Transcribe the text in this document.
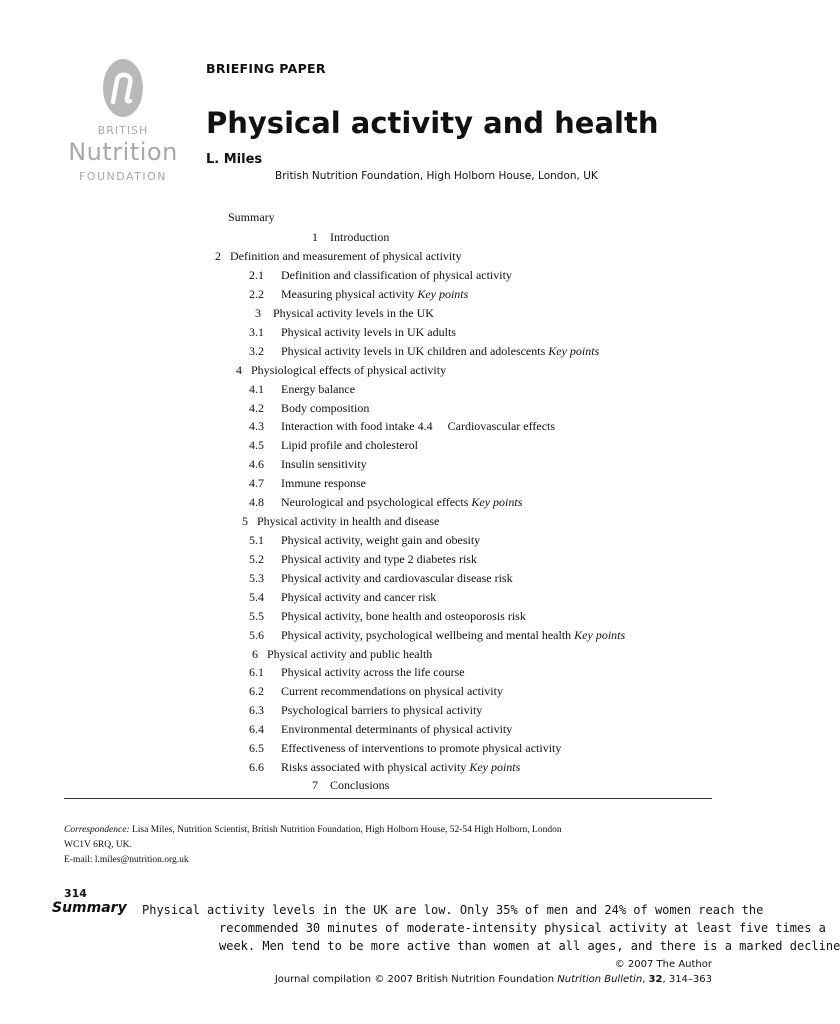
BRITISH
Nutrition
FOUNDATION
BRIEFING PAPER
Physical activity and health
L. Miles
British Nutrition Foundation, High Holborn House, London, UK
Summary
1 Introduction
2 Definition and measurement of physical activity
2.1 Definition and classification of physical activity
2.2 Measuring physical activity Key points
3 Physical activity levels in the UK
3.1 Physical activity levels in UK adults
3.2 Physical activity levels in UK children and adolescents Key points
4 Physiological effects of physical activity
4.1 Energy balance
4.2 Body composition
4.3 Interaction with food intake 4.4     Cardiovascular effects
4.5 Lipid profile and cholesterol
4.6 Insulin sensitivity
4.7 Immune response
4.8 Neurological and psychological effects Key points
5 Physical activity in health and disease
5.1 Physical activity, weight gain and obesity
5.2 Physical activity and type 2 diabetes risk
5.3 Physical activity and cardiovascular disease risk
5.4 Physical activity and cancer risk
5.5 Physical activity, bone health and osteoporosis risk
5.6 Physical activity, psychological wellbeing and mental health Key points
6 Physical activity and public health
6.1 Physical activity across the life course
6.2 Current recommendations on physical activity
6.3 Psychological barriers to physical activity
6.4 Environmental determinants of physical activity
6.5 Effectiveness of interventions to promote physical activity
6.6 Risks associated with physical activity Key points
7 Conclusions
Correspondence: Lisa Miles, Nutrition Scientist, British Nutrition Foundation, High Holborn House, 52-54 High Holborn, London
WC1V 6RQ, UK.
E-mail: l.miles@nutrition.org.uk
314
Summary Physical activity levels in the UK are low. Only 35% of men and 24% of women reach the
recommended 30 minutes of moderate-intensity physical activity at least five times a
week. Men tend to be more active than women at all ages, and there is a marked decline
© 2007 The Author
Journal compilation © 2007 British Nutrition Foundation Nutrition Bulletin, 32, 314–363
